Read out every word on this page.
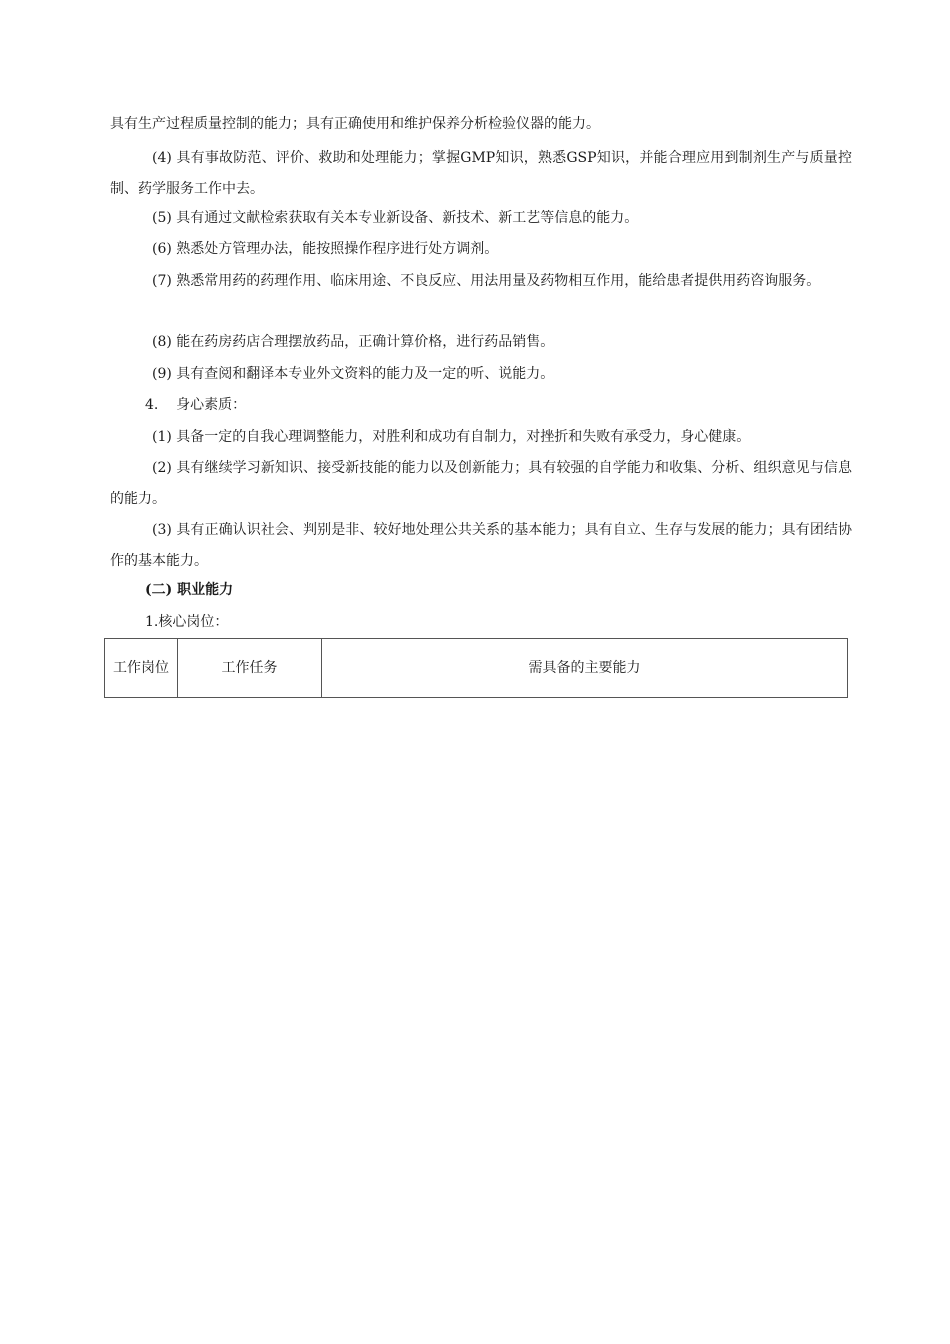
具有生产过程质量控制的能力；具有正确使用和维护保养分析检验仪器的能力。
(4) 具有事故防范、评价、救助和处理能力；掌握GMP知识，熟悉GSP知识，并能合理应用到制剂生产与质量控制、药学服务工作中去。
(5) 具有通过文献检索获取有关本专业新设备、新技术、新工艺等信息的能力。
(6) 熟悉处方管理办法，能按照操作程序进行处方调剂。
(7) 熟悉常用药的药理作用、临床用途、不良反应、用法用量及药物相互作用，能给患者提供用药咨询服务。
(8) 能在药房药店合理摆放药品，正确计算价格，进行药品销售。
(9) 具有查阅和翻译本专业外文资料的能力及一定的听、说能力。
4.    身心素质：
(1) 具备一定的自我心理调整能力，对胜利和成功有自制力，对挫折和失败有承受力，身心健康。
(2) 具有继续学习新知识、接受新技能的能力以及创新能力；具有较强的自学能力和收集、分析、组织意见与信息的能力。
(3) 具有正确认识社会、判别是非、较好地处理公共关系的基本能力；具有自立、生存与发展的能力；具有团结协作的基本能力。
(二) 职业能力
1.核心岗位：
工作岗位	工作任务	需具备的主要能力
